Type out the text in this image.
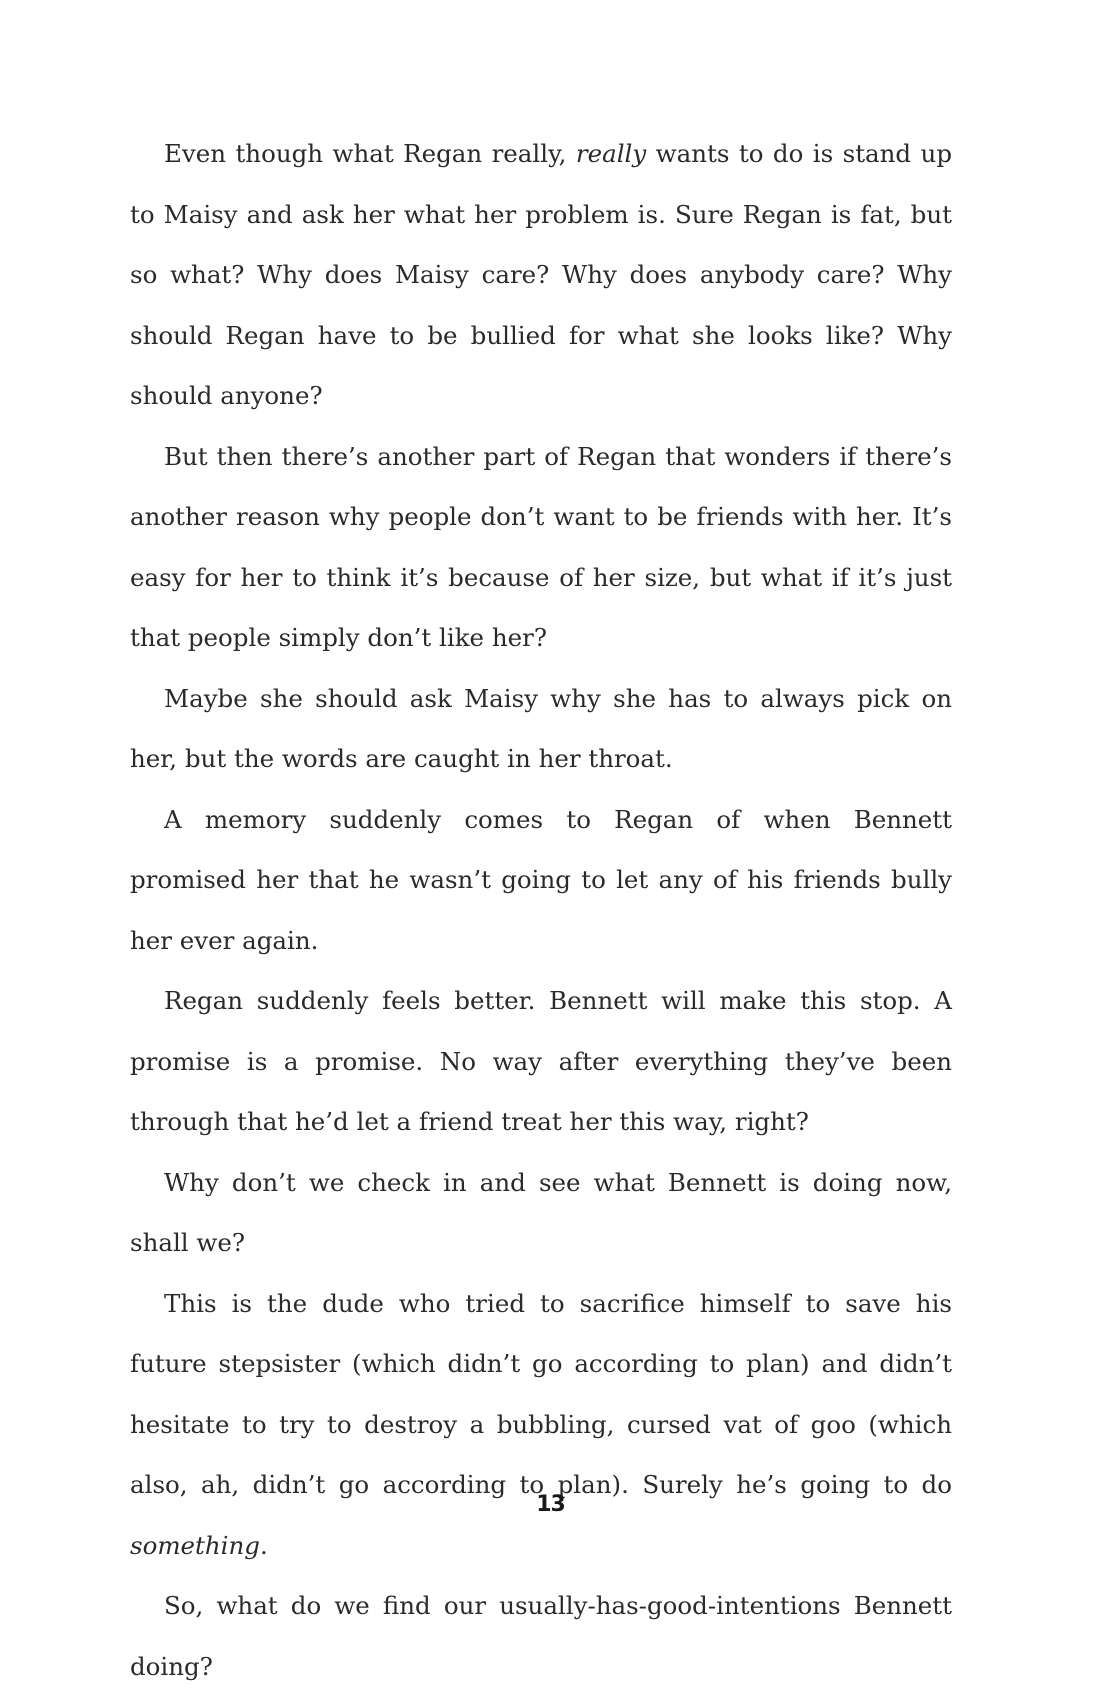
Even though what Regan really, really wants to do is stand up to Maisy and ask her what her problem is. Sure Regan is fat, but so what? Why does Maisy care? Why does anybody care? Why should Regan have to be bullied for what she looks like? Why should anyone?

But then there’s another part of Regan that wonders if there’s another reason why people don’t want to be friends with her. It’s easy for her to think it’s because of her size, but what if it’s just that people simply don’t like her?

Maybe she should ask Maisy why she has to always pick on her, but the words are caught in her throat.

A memory suddenly comes to Regan of when Bennett promised her that he wasn’t going to let any of his friends bully her ever again.

Regan suddenly feels better. Bennett will make this stop. A promise is a promise. No way after everything they’ve been through that he’d let a friend treat her this way, right?

Why don’t we check in and see what Bennett is doing now, shall we?

This is the dude who tried to sacrifice himself to save his future stepsister (which didn’t go according to plan) and didn’t hesitate to try to destroy a bubbling, cursed vat of goo (which also, ah, didn’t go according to plan). Surely he’s going to do something.

So, what do we find our usually-has-good-intentions Bennett doing?

13
